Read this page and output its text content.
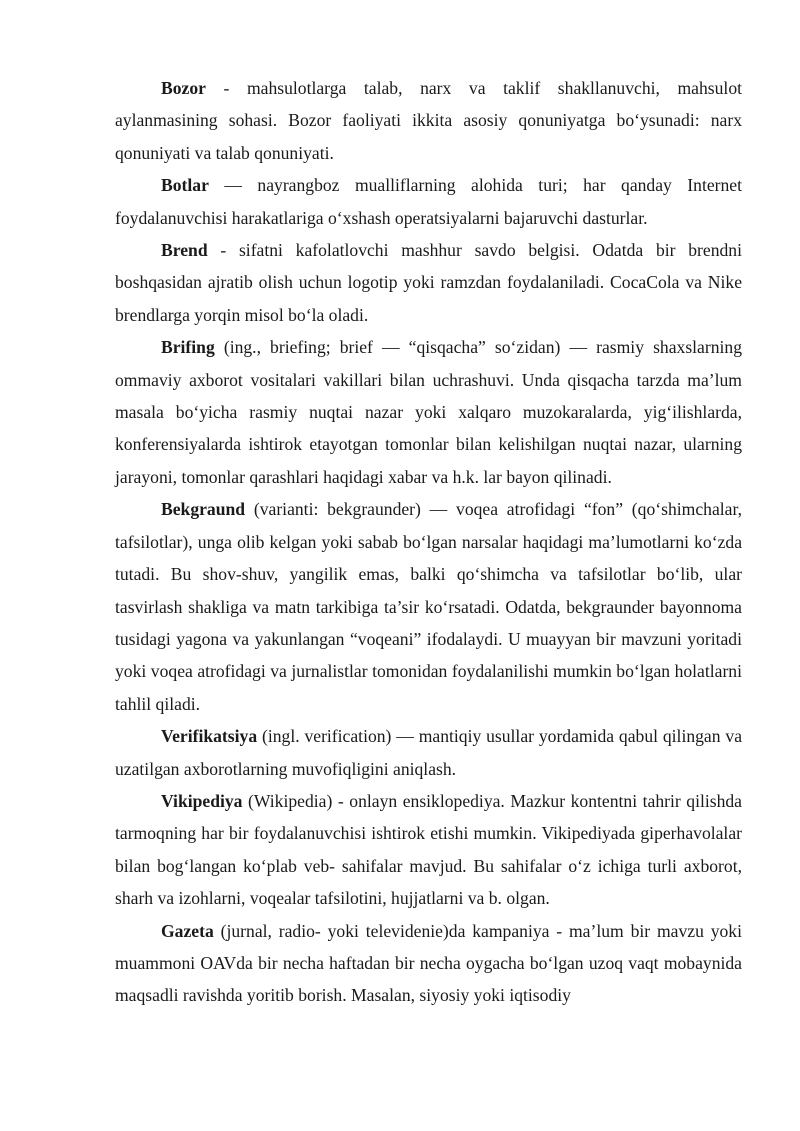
Bozor - mahsulotlarga talab, narx va taklif shakllanuvchi, mahsulot aylanmasining sohasi. Bozor faoliyati ikkita asosiy qonuniyatga bo‘ysunadi: narx qonuniyati va talab qonuniyati.

Botlar — nayrangboz mualliflarning alohida turi; har qanday Internet foydalanuvchisi harakatlariga o‘xshash operatsiyalarni bajaruvchi dasturlar.

Brend - sifatni kafolatlovchi mashhur savdo belgisi. Odatda bir brendni boshqasidan ajratib olish uchun logotip yoki ramzdan foydalaniladi. CocaCola va Nike brendlarga yorqin misol bo‘la oladi.

Brifing (ing., briefing; brief — “qisqacha” so‘zidan) — rasmiy shaxslarning ommaviy axborot vositalari vakillari bilan uchrashuvi. Unda qisqacha tarzda ma’lum masala bo‘yicha rasmiy nuqtai nazar yoki xalqaro muzokaralarda, yig‘ilishlarda, konferensiyalarda ishtirok etayotgan tomonlar bilan kelishilgan nuqtai nazar, ularning jarayoni, tomonlar qarashlari haqidagi xabar va h.k. lar bayon qilinadi.

Bekgraund (varianti: bekgraunder) — voqea atrofidagi “fon” (qo‘shimchalar, tafsilotlar), unga olib kelgan yoki sabab bo‘lgan narsalar haqidagi ma’lumotlarni ko‘zda tutadi. Bu shov-shuv, yangilik emas, balki qo‘shimcha va tafsilotlar bo‘lib, ular tasvirlash shakliga va matn tarkibiga ta’sir ko‘rsatadi. Odatda, bekgraunder bayonnoma tusidagi yagona va yakunlangan “voqeani” ifodalaydi. U muayyan bir mavzuni yoritadi yoki voqea atrofidagi va jurnalistlar tomonidan foydalanilishi mumkin bo‘lgan holatlarni tahlil qiladi.

Verifikatsiya (ingl. verification) — mantiqiy usullar yordamida qabul qilingan va uzatilgan axborotlarning muvofiqligini aniqlash.

Vikipediya (Wikipedia) - onlayn ensiklopediya. Mazkur kontentni tahrir qilishda tarmoqning har bir foydalanuvchisi ishtirok etishi mumkin. Vikipediyada giperhavolalar bilan bog‘langan ko‘plab veb- sahifalar mavjud. Bu sahifalar o‘z ichiga turli axborot, sharh va izohlarni, voqealar tafsilotini, hujjatlarni va b. olgan.

Gazeta (jurnal, radio- yoki televidenie)da kampaniya - ma’lum bir mavzu yoki muammoni OAVda bir necha haftadan bir necha oygacha bo‘lgan uzoq vaqt mobaynida maqsadli ravishda yoritib borish. Masalan, siyosiy yoki iqtisodiy
